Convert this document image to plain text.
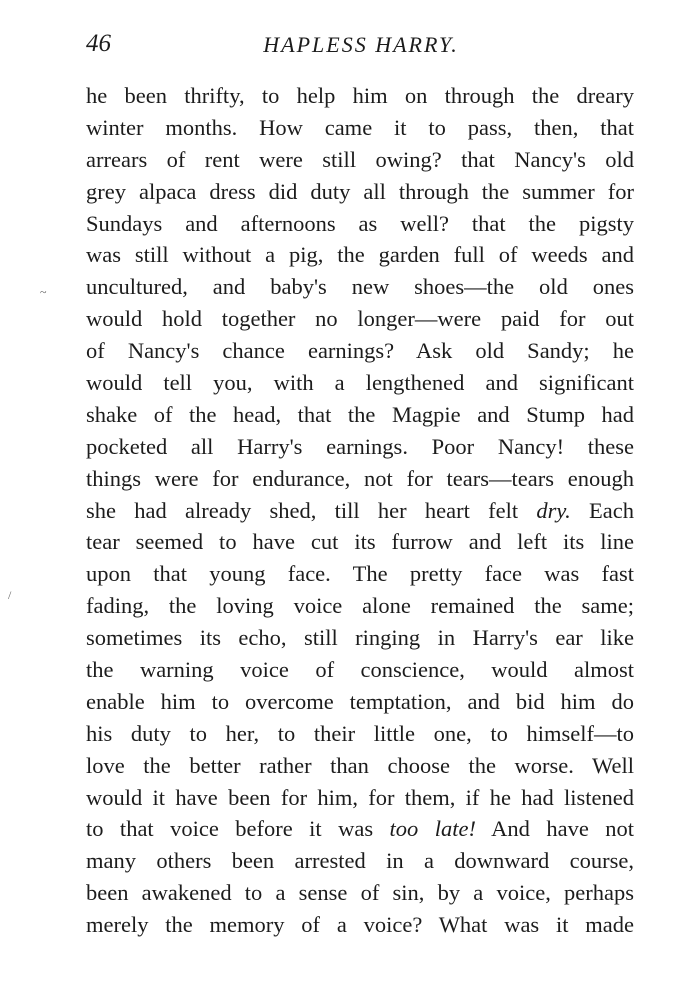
46	HAPLESS HARRY.
he been thrifty, to help him on through the dreary
winter months. How came it to pass, then, that
arrears of rent were still owing? that Nancy's old
grey alpaca dress did duty all through the summer for
Sundays and afternoons as well? that the pigsty
was still without a pig, the garden full of weeds and
uncultured, and baby's new shoes—the old ones
would hold together no longer—were paid for out
of Nancy's chance earnings? Ask old Sandy; he
would tell you, with a lengthened and significant
shake of the head, that the Magpie and Stump had
pocketed all Harry's earnings. Poor Nancy! these
things were for endurance, not for tears—tears enough
she had already shed, till her heart felt dry. Each
tear seemed to have cut its furrow and left its line
upon that young face. The pretty face was fast
fading, the loving voice alone remained the same;
sometimes its echo, still ringing in Harry's ear like
the warning voice of conscience, would almost
enable him to overcome temptation, and bid him do
his duty to her, to their little one, to himself—to
love the better rather than choose the worse. Well
would it have been for him, for them, if he had listened
to that voice before it was too late! And have not
many others been arrested in a downward course,
been awakened to a sense of sin, by a voice, perhaps
merely the memory of a voice? What was it made
~
/
